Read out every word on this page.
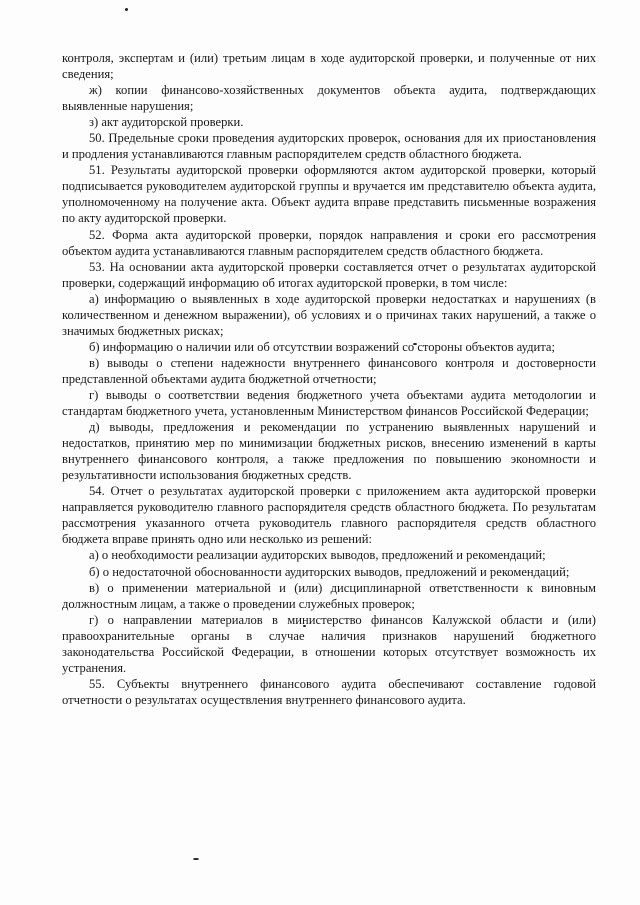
контроля, экспертам и (или) третьим лицам в ходе аудиторской проверки, и полученные от них сведения;

ж) копии финансово-хозяйственных документов объекта аудита, подтверждающих выявленные нарушения;

з) акт аудиторской проверки.

50. Предельные сроки проведения аудиторских проверок, основания для их приостановления и продления устанавливаются главным распорядителем средств областного бюджета.

51. Результаты аудиторской проверки оформляются актом аудиторской проверки, который подписывается руководителем аудиторской группы и вручается им представителю объекта аудита, уполномоченному на получение акта. Объект аудита вправе представить письменные возражения по акту аудиторской проверки.

52. Форма акта аудиторской проверки, порядок направления и сроки его рассмотрения объектом аудита устанавливаются главным распорядителем средств областного бюджета.

53. На основании акта аудиторской проверки составляется отчет о результатах аудиторской проверки, содержащий информацию об итогах аудиторской проверки, в том числе:

а) информацию о выявленных в ходе аудиторской проверки недостатках и нарушениях (в количественном и денежном выражении), об условиях и о причинах таких нарушений, а также о значимых бюджетных рисках;

б) информацию о наличии или об отсутствии возражений со стороны объектов аудита;

в) выводы о степени надежности внутреннего финансового контроля и достоверности представленной объектами аудита бюджетной отчетности;

г) выводы о соответствии ведения бюджетного учета объектами аудита методологии и стандартам бюджетного учета, установленным Министерством финансов Российской Федерации;

д) выводы, предложения и рекомендации по устранению выявленных нарушений и недостатков, принятию мер по минимизации бюджетных рисков, внесению изменений в карты внутреннего финансового контроля, а также предложения по повышению экономности и результативности использования бюджетных средств.

54. Отчет о результатах аудиторской проверки с приложением акта аудиторской проверки направляется руководителю главного распорядителя средств областного бюджета. По результатам рассмотрения указанного отчета руководитель главного распорядителя средств областного бюджета вправе принять одно или несколько из решений:

а) о необходимости реализации аудиторских выводов, предложений и рекомендаций;

б) о недостаточной обоснованности аудиторских выводов, предложений и рекомендаций;

в) о применении материальной и (или) дисциплинарной ответственности к виновным должностным лицам, а также о проведении служебных проверок;

г) о направлении материалов в министерство финансов Калужской области и (или) правоохранительные органы в случае наличия признаков нарушений бюджетного законодательства Российской Федерации, в отношении которых отсутствует возможность их устранения.

55. Субъекты внутреннего финансового аудита обеспечивают составление годовой отчетности о результатах осуществления внутреннего финансового аудита.
